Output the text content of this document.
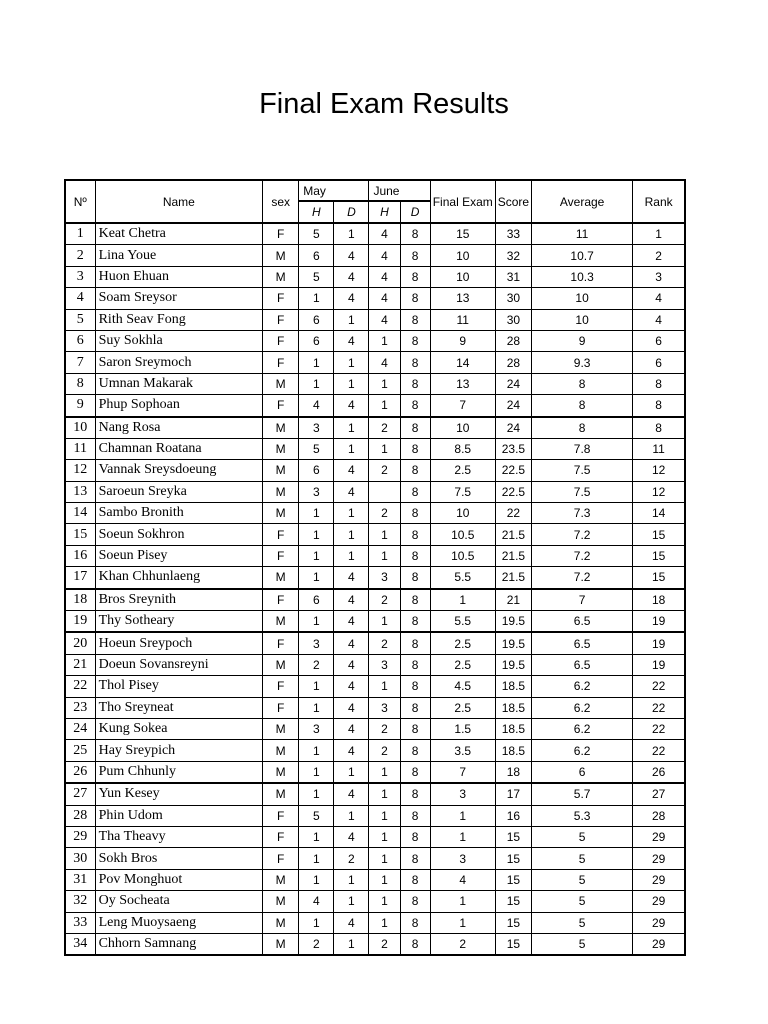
Final Exam Results
Nº	Name	sex	May		June		Final Exam	Score	Average	Rank
			H	D	H	D				
1	Keat Chetra	F	5	1	4	8	15	33	11	1
2	Lina Youe	M	6	4	4	8	10	32	10.7	2
3	Huon Ehuan	M	5	4	4	8	10	31	10.3	3
4	Soam Sreysor	F	1	4	4	8	13	30	10	4
5	Rith Seav Fong	F	6	1	4	8	11	30	10	4
6	Suy Sokhla	F	6	4	1	8	9	28	9	6
7	Saron Sreymoch	F	1	1	4	8	14	28	9.3	6
8	Umnan Makarak	M	1	1	1	8	13	24	8	8
9	Phup Sophoan	F	4	4	1	8	7	24	8	8
10	Nang Rosa	M	3	1	2	8	10	24	8	8
11	Chamnan Roatana	M	5	1	1	8	8.5	23.5	7.8	11
12	Vannak Sreysdoeung	M	6	4	2	8	2.5	22.5	7.5	12
13	Saroeun Sreyka	M	3	4		8	7.5	22.5	7.5	12
14	Sambo Bronith	M	1	1	2	8	10	22	7.3	14
15	Soeun Sokhron	F	1	1	1	8	10.5	21.5	7.2	15
16	Soeun Pisey	F	1	1	1	8	10.5	21.5	7.2	15
17	Khan Chhunlaeng	M	1	4	3	8	5.5	21.5	7.2	15
18	Bros Sreynith	F	6	4	2	8	1	21	7	18
19	Thy Sotheary	M	1	4	1	8	5.5	19.5	6.5	19
20	Hoeun Sreypoch	F	3	4	2	8	2.5	19.5	6.5	19
21	Doeun Sovansreyni	M	2	4	3	8	2.5	19.5	6.5	19
22	Thol Pisey	F	1	4	1	8	4.5	18.5	6.2	22
23	Tho Sreyneat	F	1	4	3	8	2.5	18.5	6.2	22
24	Kung Sokea	M	3	4	2	8	1.5	18.5	6.2	22
25	Hay Sreypich	M	1	4	2	8	3.5	18.5	6.2	22
26	Pum Chhunly	M	1	1	1	8	7	18	6	26
27	Yun Kesey	M	1	4	1	8	3	17	5.7	27
28	Phin Udom	F	5	1	1	8	1	16	5.3	28
29	Tha Theavy	F	1	4	1	8	1	15	5	29
30	Sokh Bros	F	1	2	1	8	3	15	5	29
31	Pov Monghuot	M	1	1	1	8	4	15	5	29
32	Oy Socheata	M	4	1	1	8	1	15	5	29
33	Leng Muoysaeng	M	1	4	1	8	1	15	5	29
34	Chhorn Samnang	M	2	1	2	8	2	15	5	29
